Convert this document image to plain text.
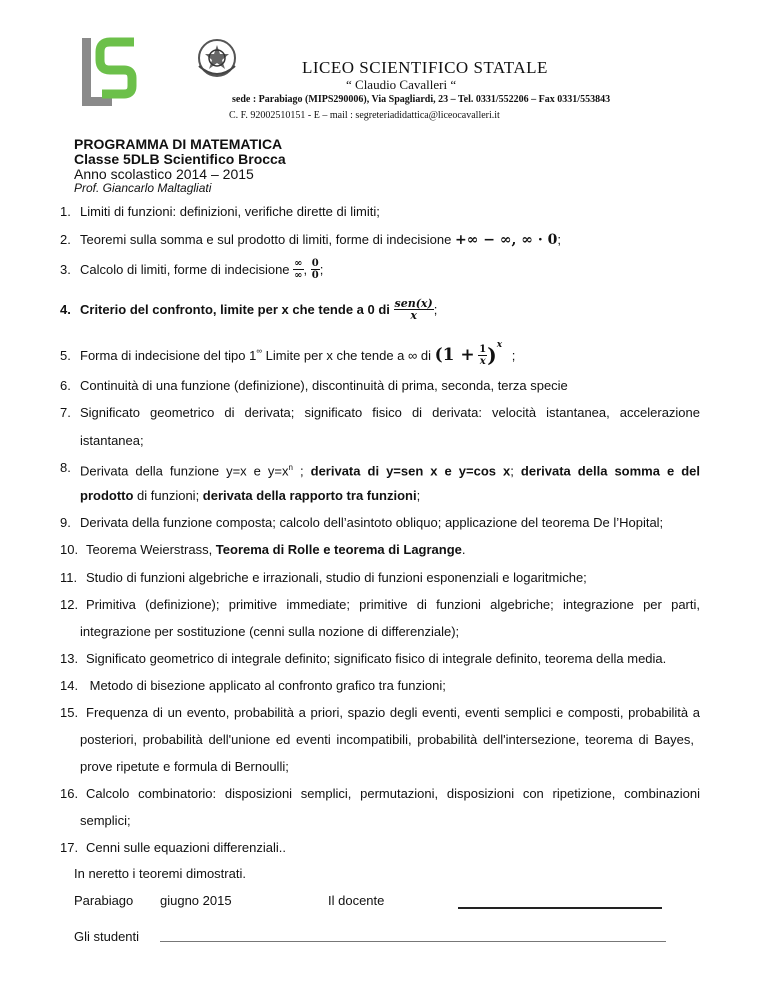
LICEO SCIENTIFICO STATALE
“ Claudio Cavalleri “
sede : Parabiago (MIPS290006), Via Spagliardi, 23 – Tel. 0331/552206 – Fax 0331/553843
C. F. 92002510151 - E – mail : segreteriadidattica@liceocavalleri.it
PROGRAMMA DI MATEMATICA
Classe 5DLB Scientifico Brocca
Anno scolastico 2014 – 2015
Prof. Giancarlo Maltagliati
1. Limiti di funzioni: definizioni, verifiche dirette di limiti;
2. Teoremi sulla somma e sul prodotto di limiti, forme di indecisione +∞ − ∞, ∞ · 0;
3. Calcolo di limiti, forme di indecisione $\frac{\infty}{\infty}$ , $\frac{0}{0}$ ;
4. Criterio del confronto, limite per x che tende a 0 di $\frac{\text{sen(x)}}{x}$ ;
5. Forma di indecisione del tipo 1∞ Limite per x che tende a ∞ di $(1 + \frac{1}{x} )^x$ ;
6. Continuità di una funzione (definizione), discontinuità di prima, seconda, terza specie
7. Significato geometrico di derivata; significato fisico di derivata: velocità istantanea, accelerazione
istantanea;
8. Derivata della funzione y=x e $y=x^n$ ; derivata di y=sen x e y=cos x; derivata della somma e del
prodotto di funzioni; derivata della rapporto tra funzioni;
9. Derivata della funzione composta; calcolo dell’asintoto obliquo; applicazione del teorema De l’Hopital;
10. Teorema Weierstrass, Teorema di Rolle e teorema di Lagrange.
11. Studio di funzioni algebriche e irrazionali, studio di funzioni esponenziali e logaritmiche;
12. Primitiva (definizione); primitive immediate; primitive di funzioni algebriche; integrazione per parti,
integrazione per sostituzione (cenni sulla nozione di differenziale);
13. Significato geometrico di integrale definito; significato fisico di integrale definito, teorema della media.
14. Metodo di bisezione applicato al confronto grafico tra funzioni;
15. Frequenza di un evento, probabilità a priori, spazio degli eventi, eventi semplici e composti, probabilità a
posteriori, probabilità dell'unione ed eventi incompatibili, probabilità dell'intersezione, teorema di Bayes,
prove ripetute e formula di Bernoulli;
16. Calcolo combinatorio: disposizioni semplici, permutazioni, disposizioni con ripetizione, combinazioni
semplici;
17. Cenni sulle equazioni differenziali..
In neretto i teoremi dimostrati.
Parabiago giugno 2015	Il docente
Gli studenti
